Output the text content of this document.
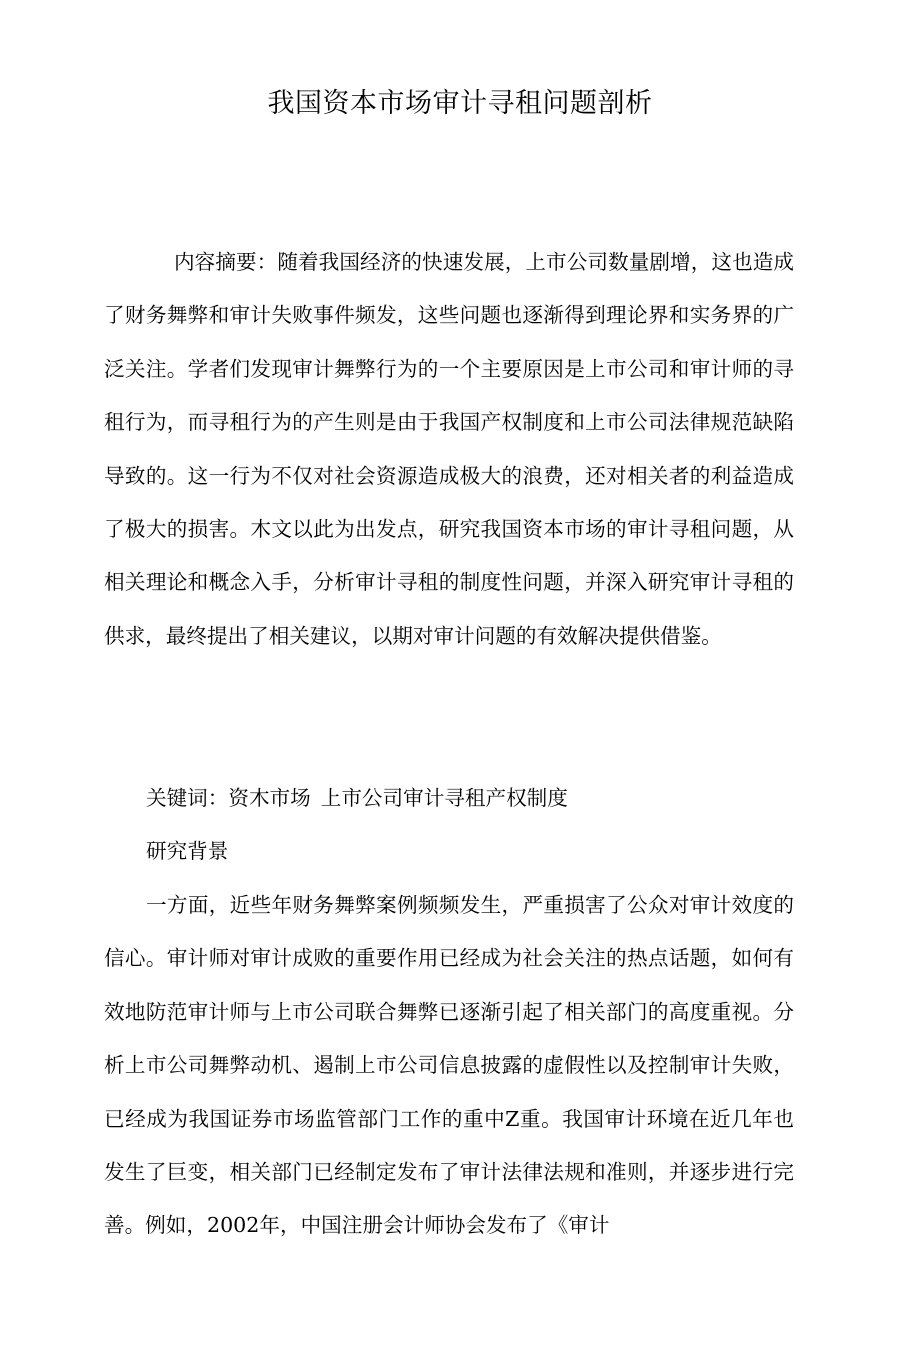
我国资本市场审计寻租问题剖析

内容摘要：随着我国经济的快速发展，上市公司数量剧增，这也造成了财务舞弊和审计失败事件频发，这些问题也逐渐得到理论界和实务界的广泛关注。学者们发现审计舞弊行为的一个主要原因是上市公司和审计师的寻租行为，而寻租行为的产生则是由于我国产权制度和上市公司法律规范缺陷导致的。这一行为不仅对社会资源造成极大的浪费，还对相关者的利益造成了极大的损害。木文以此为出发点，研究我国资本市场的审计寻租问题，从相关理论和概念入手，分析审计寻租的制度性问题，并深入研究审计寻租的供求，最终提出了相关建议，以期对审计问题的有效解决提供借鉴。

关键词：资木市场 上市公司审计寻租产权制度

研究背景

一方面，近些年财务舞弊案例频频发生，严重损害了公众对审计效度的信心。审计师对审计成败的重要作用已经成为社会关注的热点话题，如何有效地防范审计师与上市公司联合舞弊已逐渐引起了相关部门的高度重视。分析上市公司舞弊动机、遏制上市公司信息披露的虚假性以及控制审计失败，已经成为我国证券市场监管部门工作的重中Z重。我国审计环境在近几年也发生了巨变，相关部门已经制定发布了审计法律法规和准则，并逐步进行完善。例如，2002年，中国注册会计师协会发布了《审计
